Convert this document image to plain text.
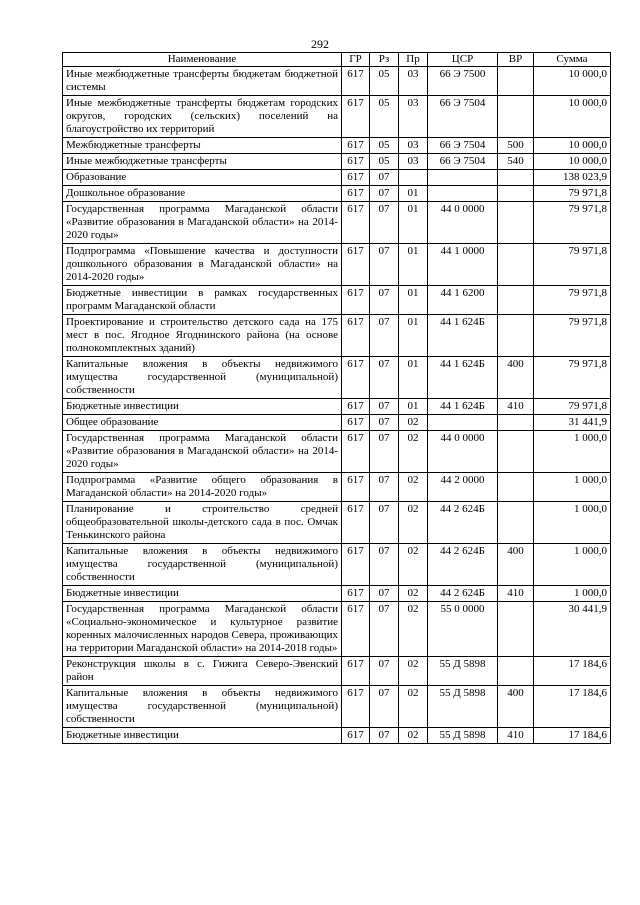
292
Наименование	ГР	Рз	Пр	ЦСР	ВР	Сумма
Иные межбюджетные трансферты бюджетам бюджетной системы	617	05	03	66 Э 7500		10 000,0
Иные межбюджетные трансферты бюджетам городских округов, городских (сельских) поселений на благоустройство их территорий	617	05	03	66 Э 7504		10 000,0
Межбюджетные трансферты	617	05	03	66 Э 7504	500	10 000,0
Иные межбюджетные трансферты	617	05	03	66 Э 7504	540	10 000,0
Образование	617	07				138 023,9
Дошкольное образование	617	07	01			79 971,8
Государственная программа Магаданской области «Развитие образования в Магаданской области» на 2014-2020 годы»	617	07	01	44 0 0000		79 971,8
Подпрограмма «Повышение качества и доступности дошкольного образования в Магаданской области» на 2014-2020 годы»	617	07	01	44 1 0000		79 971,8
Бюджетные инвестиции в рамках государственных программ Магаданской области	617	07	01	44 1 6200		79 971,8
Проектирование и строительство детского сада на 175 мест в пос. Ягодное Ягоднинского района (на основе полнокомплектных зданий)	617	07	01	44 1 624Б		79 971,8
Капитальные вложения в объекты недвижимого имущества государственной (муниципальной) собственности	617	07	01	44 1 624Б	400	79 971,8
Бюджетные инвестиции	617	07	01	44 1 624Б	410	79 971,8
Общее образование	617	07	02			31 441,9
Государственная программа Магаданской области «Развитие образования в Магаданской области» на 2014-2020 годы»	617	07	02	44 0 0000		1 000,0
Подпрограмма «Развитие общего образования в Магаданской области» на 2014-2020 годы»	617	07	02	44 2 0000		1 000,0
Планирование и строительство средней общеобразовательной школы-детского сада в пос. Омчак Тенькинского района	617	07	02	44 2 624Б		1 000,0
Капитальные вложения в объекты недвижимого имущества государственной (муниципальной) собственности	617	07	02	44 2 624Б	400	1 000,0
Бюджетные инвестиции	617	07	02	44 2 624Б	410	1 000,0
Государственная программа Магаданской области «Социально-экономическое и культурное развитие коренных малочисленных народов Севера, проживающих на территории Магаданской области» на 2014-2018 годы»	617	07	02	55 0 0000		30 441,9
Реконструкция школы в с. Гижига Северо-Эвенский район	617	07	02	55 Д 5898		17 184,6
Капитальные вложения в объекты недвижимого имущества государственной (муниципальной) собственности	617	07	02	55 Д 5898	400	17 184,6
Бюджетные инвестиции	617	07	02	55 Д 5898	410	17 184,6
